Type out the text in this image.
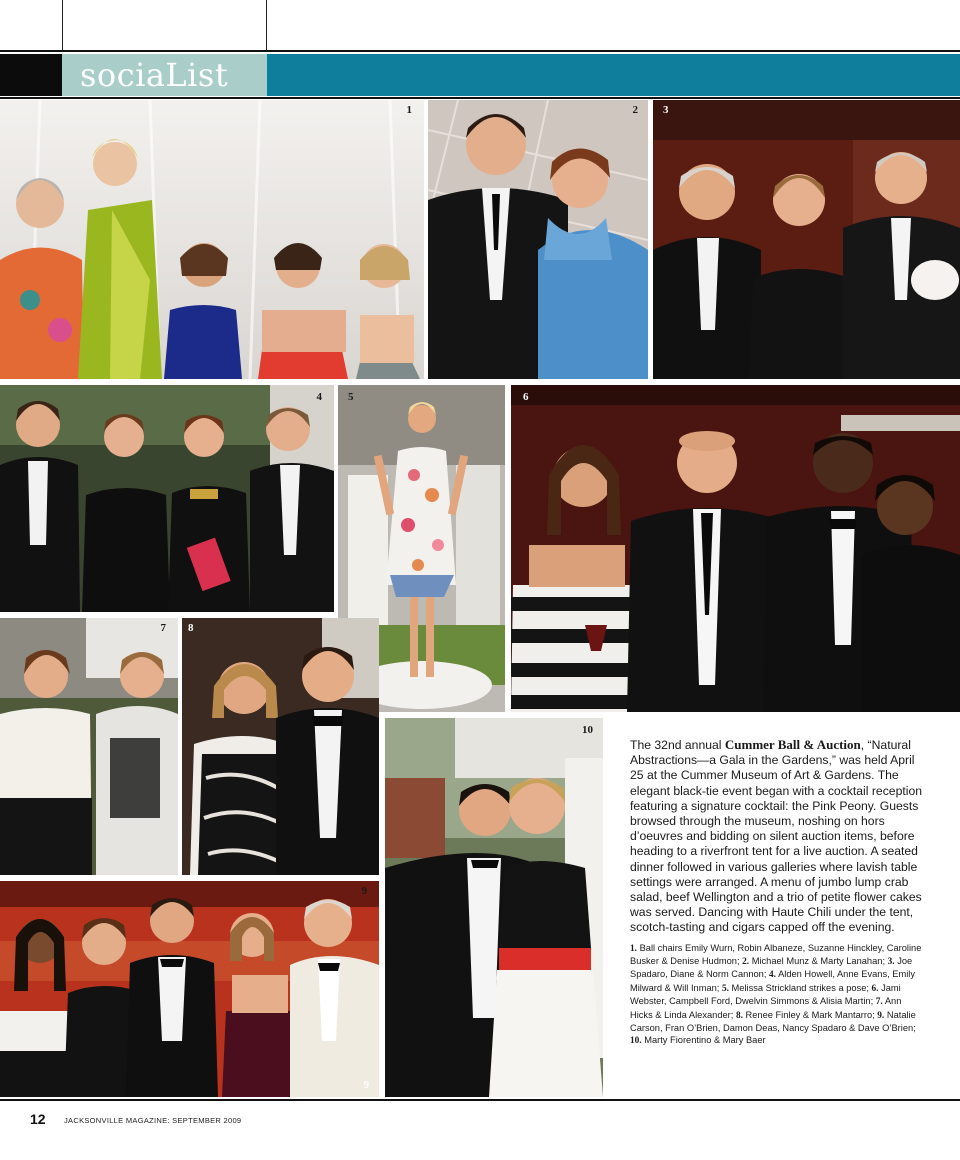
sociaList
1	2 3
4 5	6
7 8
9
9
10
The 32nd annual Cummer Ball & Auction, “Natural Abstractions—a Gala in the Gardens,” was held April 25 at the Cummer Museum of Art & Gardens. The elegant black-tie event began with a cocktail reception featuring a signature cocktail: the Pink Peony. Guests browsed through the museum, noshing on hors d’oeuvres and bidding on silent auction items, before heading to a riverfront tent for a live auction. A seated dinner followed in various galleries where lavish table settings were arranged. A menu of jumbo lump crab salad, beef Wellington and a trio of petite flower cakes was served. Dancing with Haute Chili under the tent, scotch-tasting and cigars capped off the evening.
1. Ball chairs Emily Wurn, Robin Albaneze, Suzanne Hinckley, Caroline Busker & Denise Hudmon; 2. Michael Munz & Marty Lanahan; 3. Joe Spadaro, Diane & Norm Cannon; 4. Alden Howell, Anne Evans, Emily Milward & Will Inman; 5. Melissa Strickland strikes a pose; 6. Jami Webster, Campbell Ford, Dwelvin Simmons & Alisia Martin; 7. Ann Hicks & Linda Alexander; 8. Renee Finley & Mark Mantarro; 9. Natalie Carson, Fran O’Brien, Damon Deas, Nancy Spadaro & Dave O’Brien; 10. Marty Fiorentino & Mary Baer
12 JACKSONVILLE MAGAZINE: SEPTEMBER 2009
